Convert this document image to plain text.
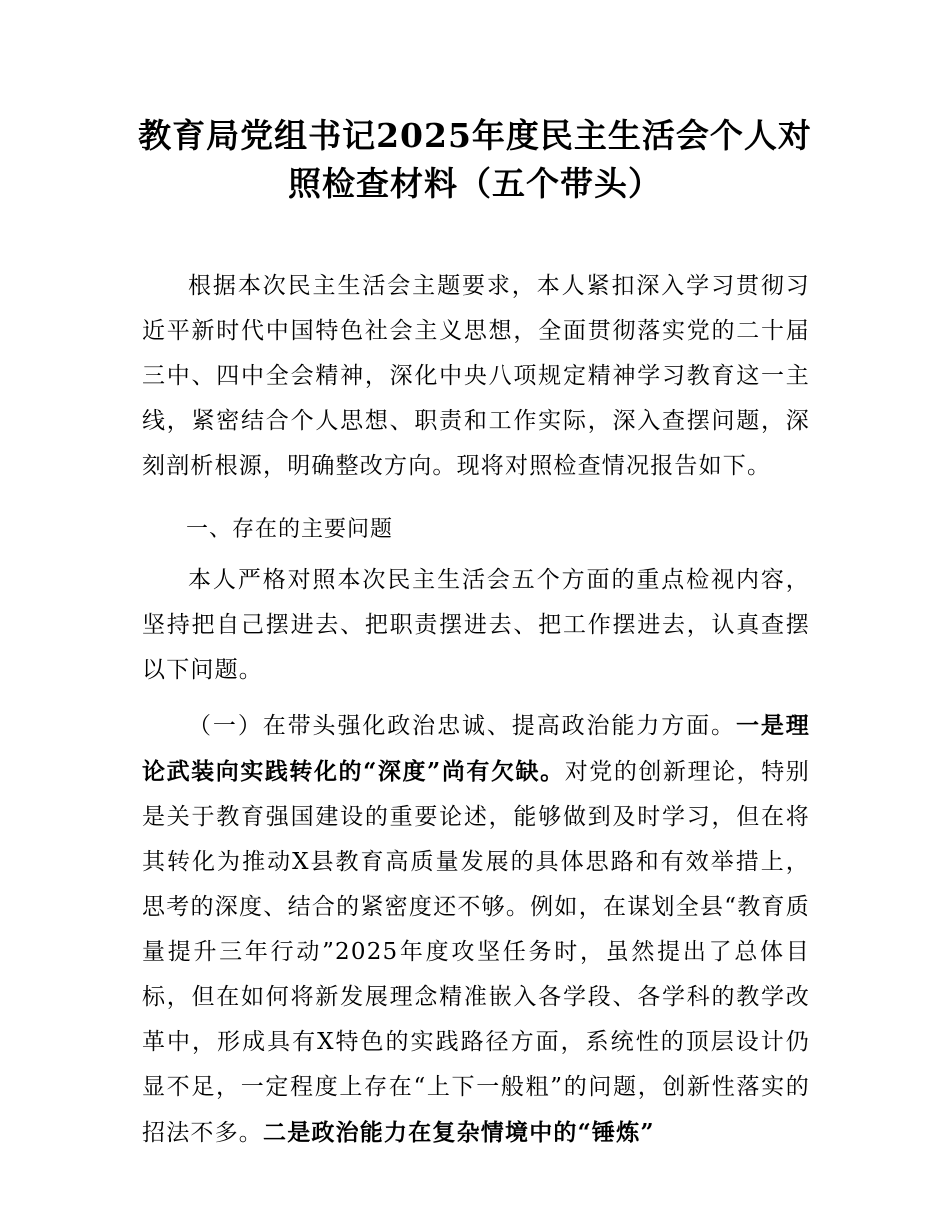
教育局党组书记2025年度民主生活会个人对
照检查材料（五个带头）

根据本次民主生活会主题要求，本人紧扣深入学习贯彻习近平新时代中国特色社会主义思想，全面贯彻落实党的二十届三中、四中全会精神，深化中央八项规定精神学习教育这一主线，紧密结合个人思想、职责和工作实际，深入查摆问题，深刻剖析根源，明确整改方向。现将对照检查情况报告如下。

一、存在的主要问题

本人严格对照本次民主生活会五个方面的重点检视内容，坚持把自己摆进去、把职责摆进去、把工作摆进去，认真查摆以下问题。

（一）在带头强化政治忠诚、提高政治能力方面。一是理论武装向实践转化的“深度”尚有欠缺。对党的创新理论，特别是关于教育强国建设的重要论述，能够做到及时学习，但在将其转化为推动X县教育高质量发展的具体思路和有效举措上，思考的深度、结合的紧密度还不够。例如，在谋划全县“教育质量提升三年行动”2025年度攻坚任务时，虽然提出了总体目标，但在如何将新发展理念精准嵌入各学段、各学科的教学改革中，形成具有X特色的实践路径方面，系统性的顶层设计仍显不足，一定程度上存在“上下一般粗”的问题，创新性落实的招法不多。二是政治能力在复杂情境中的“锤炼”
